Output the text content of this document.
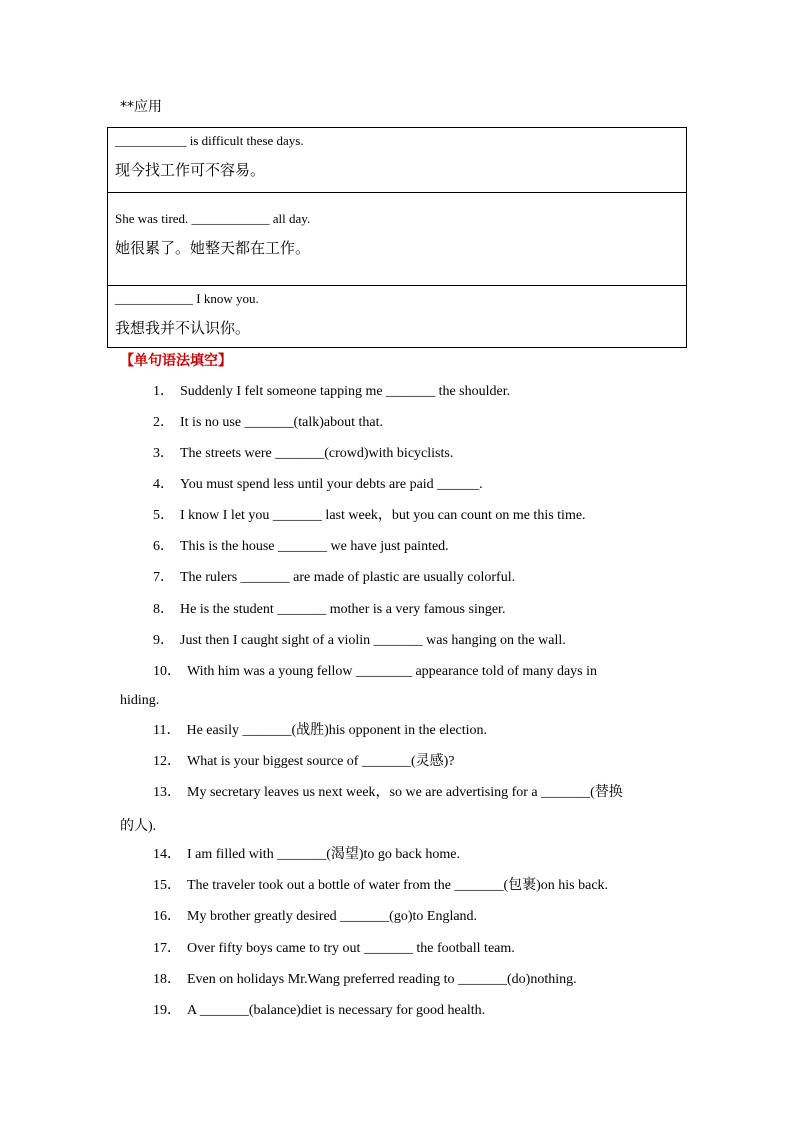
**应用
___________ is difficult these days.
现今找工作可不容易。
She was tired. ____________ all day.
她很累了。她整天都在工作。
____________ I know you.
我想我并不认识你。
【单句语法填空】
1． Suddenly I felt someone tapping me _______ the shoulder.
2． It is no use _______(talk)about that.
3． The streets were _______(crowd)with bicyclists.
4． You must spend less until your debts are paid ______.
5． I know I let you _______ last week，but you can count on me this time.
6． This is the house _______ we have just painted.
7． The rulers _______ are made of plastic are usually colorful.
8． He is the student _______ mother is a very famous singer.
9． Just then I caught sight of a violin _______ was hanging on the wall.
10． With him was a young fellow ________ appearance told of many days in
hiding.
11． He easily _______(战胜)his opponent in the election.
12． What is your biggest source of _______(灵感)?
13． My secretary leaves us next week，so we are advertising for a _______(替换
的人).
14． I am filled with _______(渴望)to go back home.
15． The traveler took out a bottle of water from the _______(包裹)on his back.
16． My brother greatly desired _______(go)to England.
17． Over fifty boys came to try out _______ the football team.
18． Even on holidays Mr.Wang preferred reading to _______(do)nothing.
19． A _______(balance)diet is necessary for good health.
